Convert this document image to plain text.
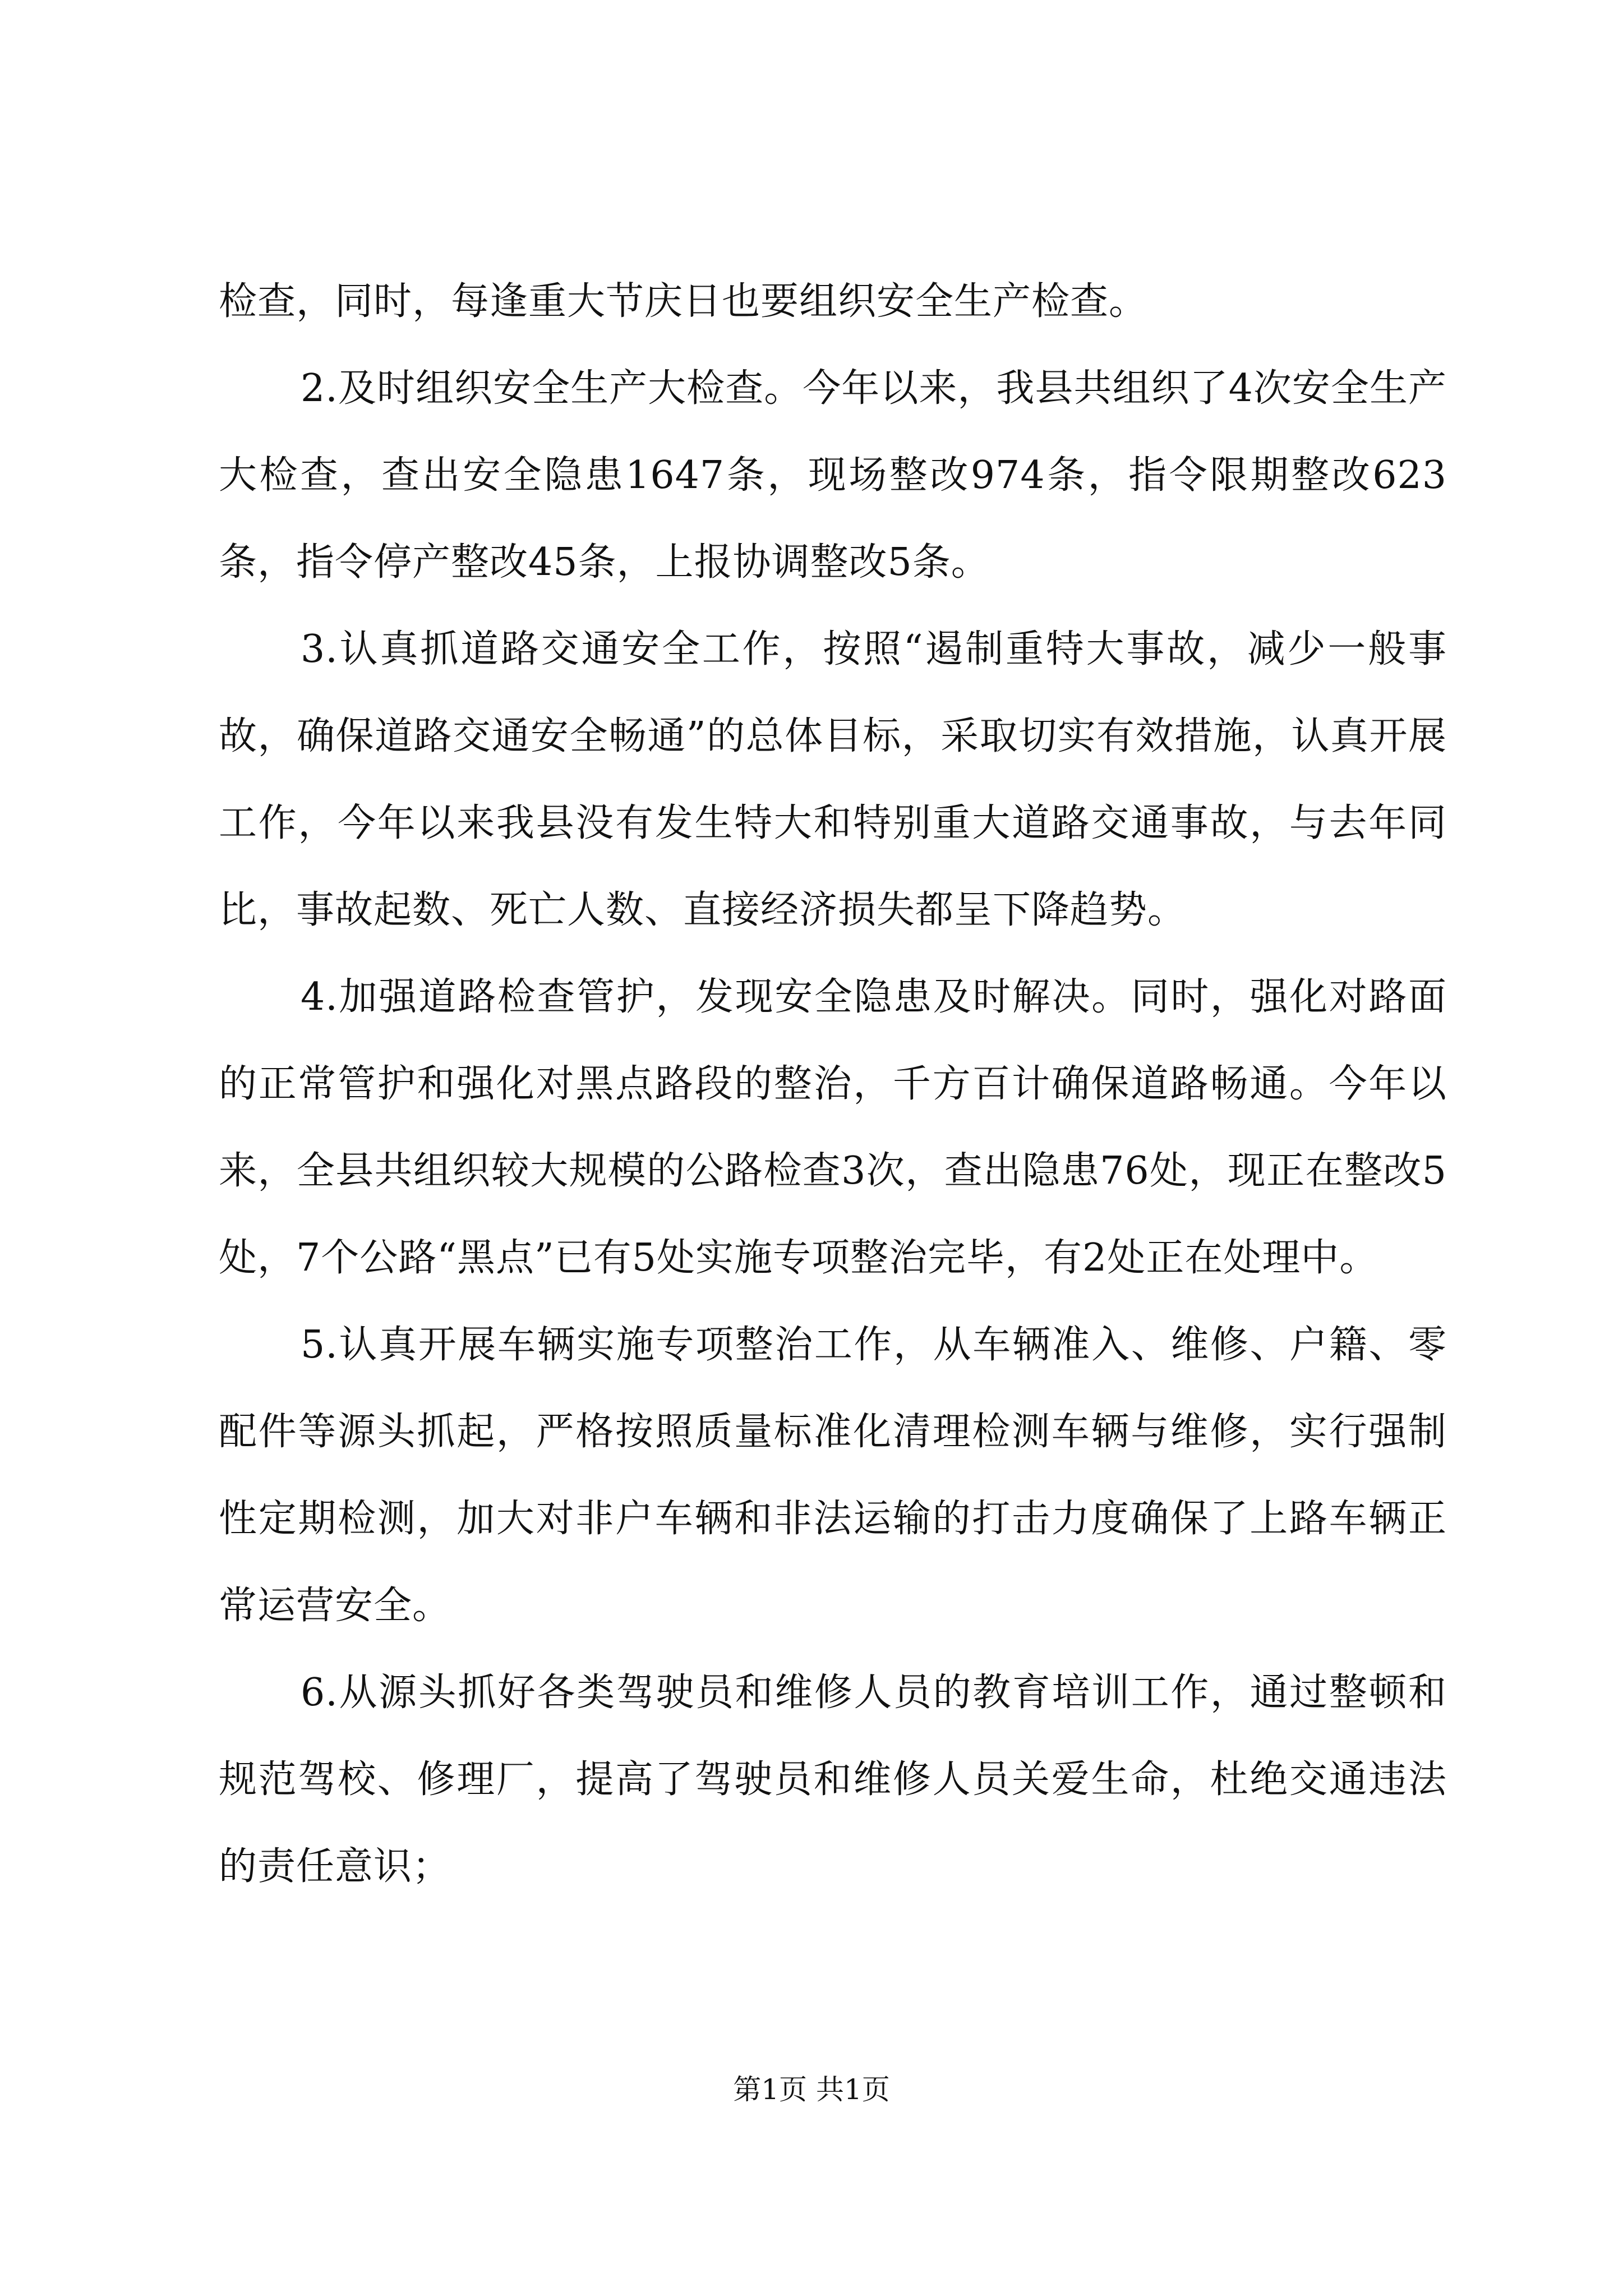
检查，同时，每逢重大节庆日也要组织安全生产检查。

2.及时组织安全生产大检查。今年以来，我县共组织了4次安全生产大检查，查出安全隐患1647条，现场整改974条，指令限期整改623条，指令停产整改45条，上报协调整改5条。

3.认真抓道路交通安全工作，按照“遏制重特大事故，减少一般事故，确保道路交通安全畅通”的总体目标，采取切实有效措施，认真开展工作，今年以来我县没有发生特大和特别重大道路交通事故，与去年同比，事故起数、死亡人数、直接经济损失都呈下降趋势。

4.加强道路检查管护，发现安全隐患及时解决。同时，强化对路面的正常管护和强化对黑点路段的整治，千方百计确保道路畅通。今年以来，全县共组织较大规模的公路检查3次，查出隐患76处，现正在整改5处，7个公路“黑点”已有5处实施专项整治完毕，有2处正在处理中。

5.认真开展车辆实施专项整治工作，从车辆准入、维修、户籍、零配件等源头抓起，严格按照质量标准化清理检测车辆与维修，实行强制性定期检测，加大对非户车辆和非法运输的打击力度确保了上路车辆正常运营安全。

6.从源头抓好各类驾驶员和维修人员的教育培训工作，通过整顿和规范驾校、修理厂，提高了驾驶员和维修人员关爱生命，杜绝交通违法的责任意识；

第1页 共1页
